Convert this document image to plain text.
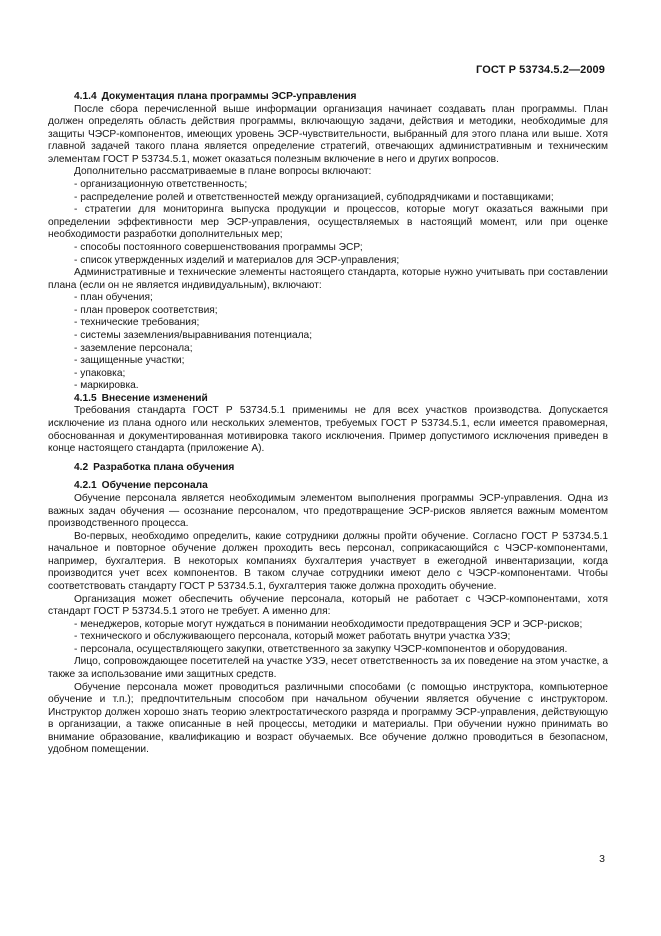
ГОСТ Р 53734.5.2—2009

4.1.4 Документация плана программы ЭСР-управления

После сбора перечисленной выше информации организация начинает создавать план программы. План должен определять область действия программы, включающую задачи, действия и методики, необходимые для защиты ЧЭСР-компонентов, имеющих уровень ЭСР-чувствительности, выбранный для этого плана или выше. Хотя главной задачей такого плана является определение стратегий, отвечающих административным и техническим элементам ГОСТ Р 53734.5.1, может оказаться полезным включение в него и других вопросов.

Дополнительно рассматриваемые в плане вопросы включают:

- организационную ответственность;

- распределение ролей и ответственностей между организацией, субподрядчиками и поставщиками;

- стратегии для мониторинга выпуска продукции и процессов, которые могут оказаться важными при определении эффективности мер ЭСР-управления, осуществляемых в настоящий момент, или при оценке необходимости разработки дополнительных мер;

- способы постоянного совершенствования программы ЭСР;

- список утвержденных изделий и материалов для ЭСР-управления;

Административные и технические элементы настоящего стандарта, которые нужно учитывать при составлении плана (если он не является индивидуальным), включают:

- план обучения;

- план проверок соответствия;

- технические требования;

- системы заземления/выравнивания потенциала;

- заземление персонала;

- защищенные участки;

- упаковка;

- маркировка.

4.1.5 Внесение изменений

Требования стандарта ГОСТ Р 53734.5.1 применимы не для всех участков производства. Допускается исключение из плана одного или нескольких элементов, требуемых ГОСТ Р 53734.5.1, если имеется правомерная, обоснованная и документированная мотивировка такого исключения. Пример допустимого исключения приведен в конце настоящего стандарта (приложение А).

4.2 Разработка плана обучения

4.2.1 Обучение персонала

Обучение персонала является необходимым элементом выполнения программы ЭСР-управления. Одна из важных задач обучения — осознание персоналом, что предотвращение ЭСР-рисков является важным моментом производственного процесса.

Во-первых, необходимо определить, какие сотрудники должны пройти обучение. Согласно ГОСТ Р 53734.5.1 начальное и повторное обучение должен проходить весь персонал, соприкасающийся с ЧЭСР-компонентами, например, бухгалтерия. В некоторых компаниях бухгалтерия участвует в ежегодной инвентаризации, когда производится учет всех компонентов. В таком случае сотрудники имеют дело с ЧЭСР-компонентами. Чтобы соответствовать стандарту ГОСТ Р 53734.5.1, бухгалтерия также должна проходить обучение.

Организация может обеспечить обучение персонала, который не работает с ЧЭСР-компонентами, хотя стандарт ГОСТ Р 53734.5.1 этого не требует. А именно для:

- менеджеров, которые могут нуждаться в понимании необходимости предотвращения ЭСР и ЭСР-рисков;

- технического и обслуживающего персонала, который может работать внутри участка УЗЭ;

- персонала, осуществляющего закупки, ответственного за закупку ЧЭСР-компонентов и оборудования.

Лицо, сопровождающее посетителей на участке УЗЭ, несет ответственность за их поведение на этом участке, а также за использование ими защитных средств.

Обучение персонала может проводиться различными способами (с помощью инструктора, компьютерное обучение и т.п.); предпочтительным способом при начальном обучении является обучение с инструктором. Инструктор должен хорошо знать теорию электростатического разряда и программу ЭСР-управления, действующую в организации, а также описанные в ней процессы, методики и материалы. При обучении нужно принимать во внимание образование, квалификацию и возраст обучаемых. Все обучение должно проводиться в безопасном, удобном помещении.

3
